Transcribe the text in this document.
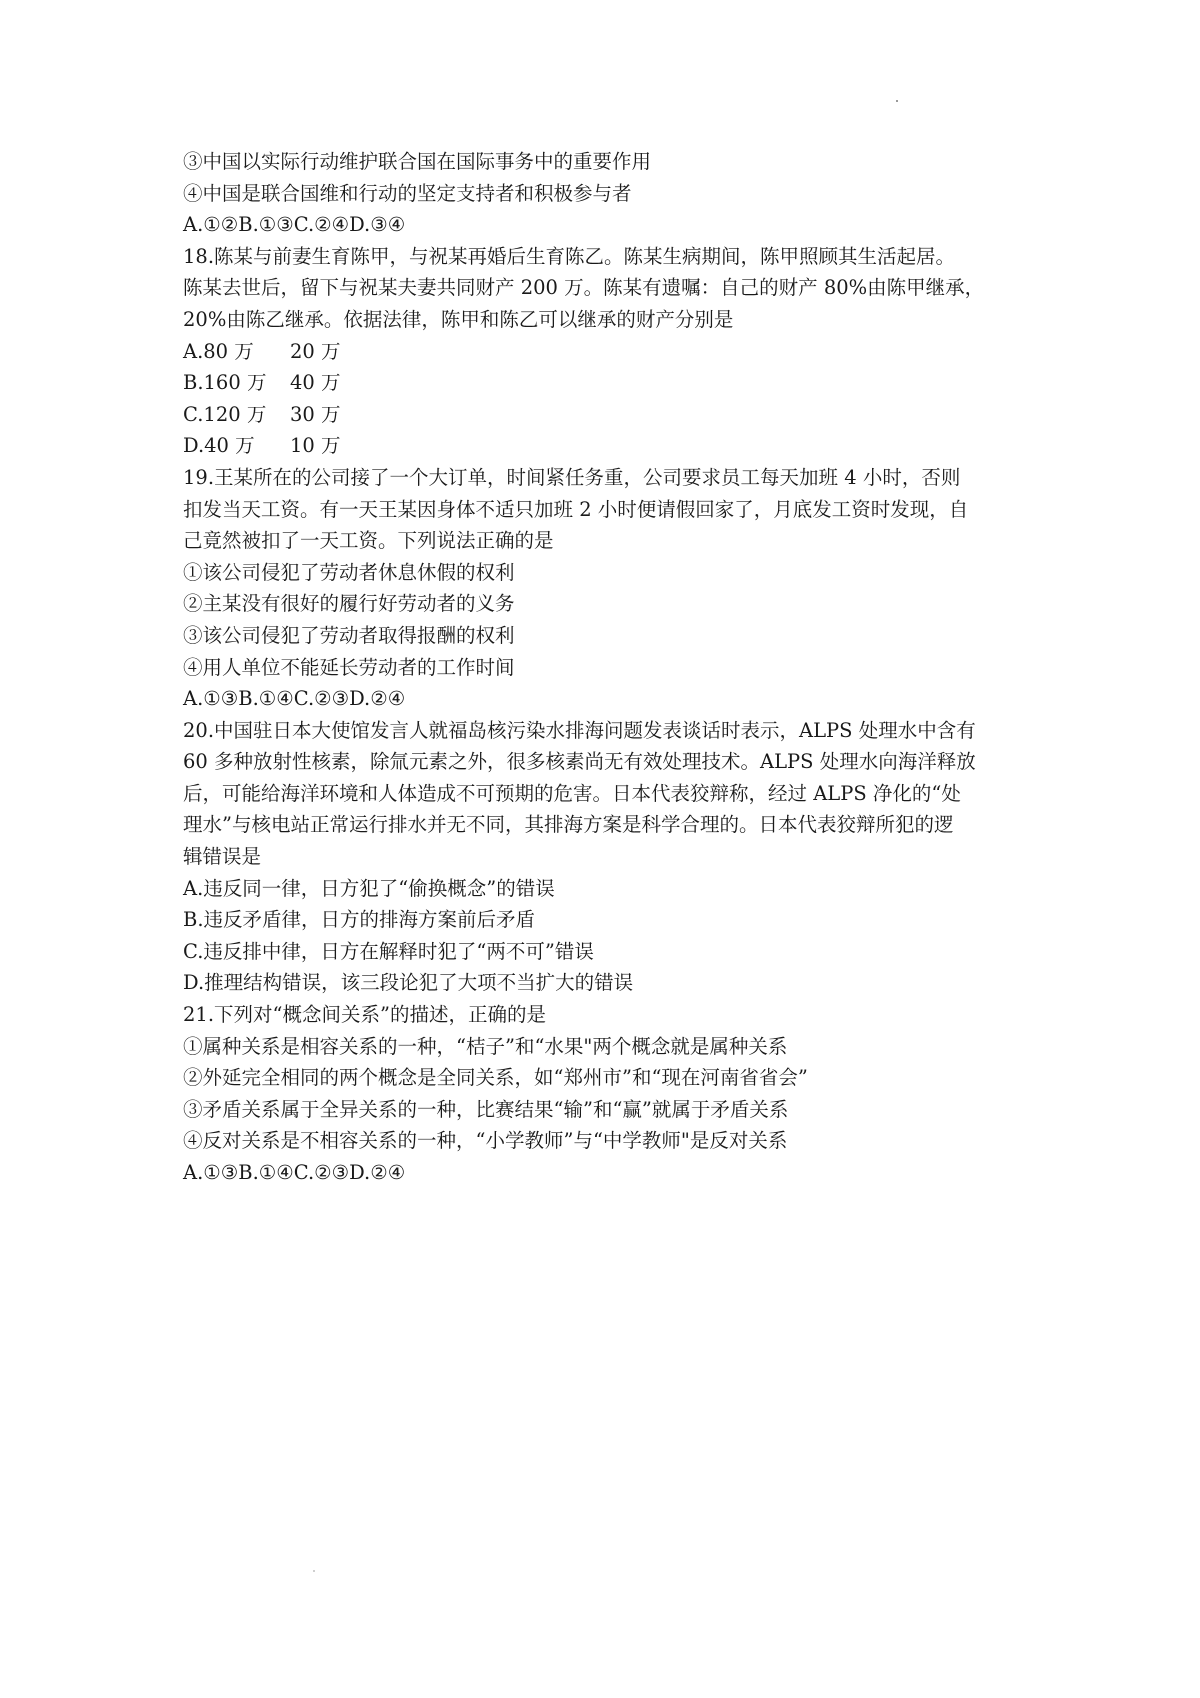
③中国以实际行动维护联合国在国际事务中的重要作用
④中国是联合国维和行动的坚定支持者和积极参与者
A.①②B.①③C.②④D.③④
18.陈某与前妻生育陈甲，与祝某再婚后生育陈乙。陈某生病期间，陈甲照顾其生活起居。
陈某去世后，留下与祝某夫妻共同财产 200 万。陈某有遗嘱：自己的财产 80%由陈甲继承，
20%由陈乙继承。依据法律，陈甲和陈乙可以继承的财产分别是
A.80 万 20 万
B.160 万 40 万
C.120 万 30 万
D.40 万 10 万
19.王某所在的公司接了一个大订单，时间紧任务重，公司要求员工每天加班 4 小时，否则
扣发当天工资。有一天王某因身体不适只加班 2 小时便请假回家了，月底发工资时发现，自
己竟然被扣了一天工资。下列说法正确的是
①该公司侵犯了劳动者休息休假的权利
②主某没有很好的履行好劳动者的义务
③该公司侵犯了劳动者取得报酬的权利
④用人单位不能延长劳动者的工作时间
A.①③B.①④C.②③D.②④
20.中国驻日本大使馆发言人就福岛核污染水排海问题发表谈话时表示，ALPS 处理水中含有
60 多种放射性核素，除氚元素之外，很多核素尚无有效处理技术。ALPS 处理水向海洋释放
后，可能给海洋环境和人体造成不可预期的危害。日本代表狡辩称，经过 ALPS 净化的“处
理水”与核电站正常运行排水并无不同，其排海方案是科学合理的。日本代表狡辩所犯的逻
辑错误是
A.违反同一律，日方犯了“偷换概念”的错误
B.违反矛盾律，日方的排海方案前后矛盾
C.违反排中律，日方在解释时犯了“两不可”错误
D.推理结构错误，该三段论犯了大项不当扩大的错误
21.下列对“概念间关系”的描述，正确的是
①属种关系是相容关系的一种，“桔子”和“水果"两个概念就是属种关系
②外延完全相同的两个概念是全同关系，如“郑州市”和“现在河南省省会”
③矛盾关系属于全异关系的一种，比赛结果“输”和“赢”就属于矛盾关系
④反对关系是不相容关系的一种，“小学教师”与“中学教师"是反对关系
A.①③B.①④C.②③D.②④
